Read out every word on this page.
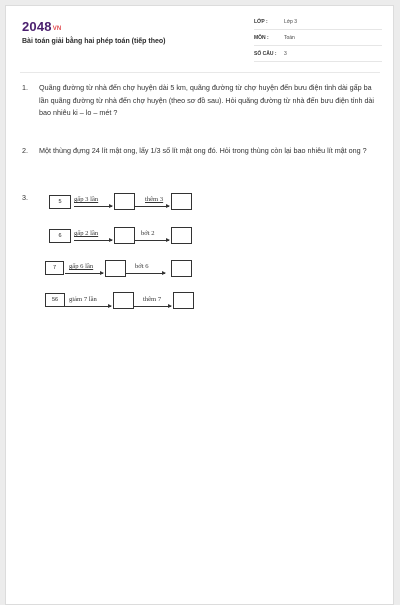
2048VN
Bài toán giải bằng hai phép toán (tiếp theo)
LỚP :	Lớp 3
MÔN :	Toán
SỐ CÂU :	3
1.	Quãng đường từ nhà đến chợ huyện dài 5 km, quãng đường từ chợ huyện đến bưu điện tỉnh dài gấp ba lần quãng đường từ nhà đến chợ huyện (theo sơ đồ sau). Hỏi quãng đường từ nhà đến bưu điện tỉnh dài bao nhiêu ki – lo – mét ?
2.	Một thùng đựng 24 lít mật ong, lấy 1/3 số lít mật ong đó. Hỏi trong thùng còn lại bao nhiêu lít mật ong ?
3.	5	gấp 3 lần	thêm 3
6	gấp 2 lần	bớt 2
7	gấp 6 lần	bớt 6
56	giảm 7 lần	thêm 7
